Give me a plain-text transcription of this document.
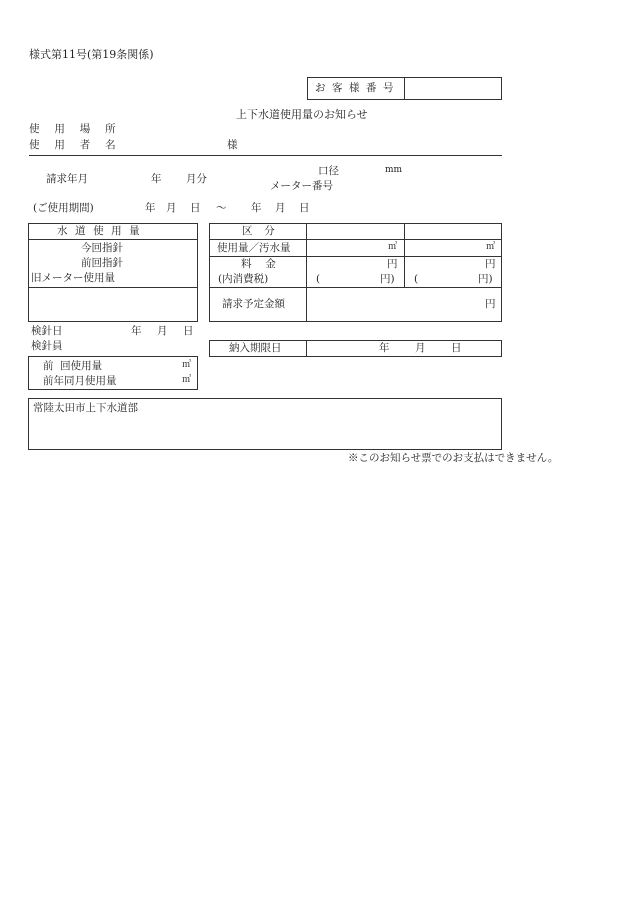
様式第11号(第19条関係)
お 客 様 番 号
上下水道使用量のお知らせ
使 用 場 所
使 用 者 名	様
請求年月	年 月分
口径	mm
メーター番号
(ご使用期間)	年 月 日 〜 年 月 日
水 道 使 用 量
今回指針
前回指針
旧メーター使用量
検針日	年 月 日
検針員
前  回使用量	㎥
前年同月使用量	㎥
区 分
使用量／汚水量	㎥	㎥
料 金
(内消費税)
円	円
(	円) (	円)
請求予定金額	円
納入期限日	年 月 日
常陸太田市上下水道部
※このお知らせ票でのお支払はできません。
